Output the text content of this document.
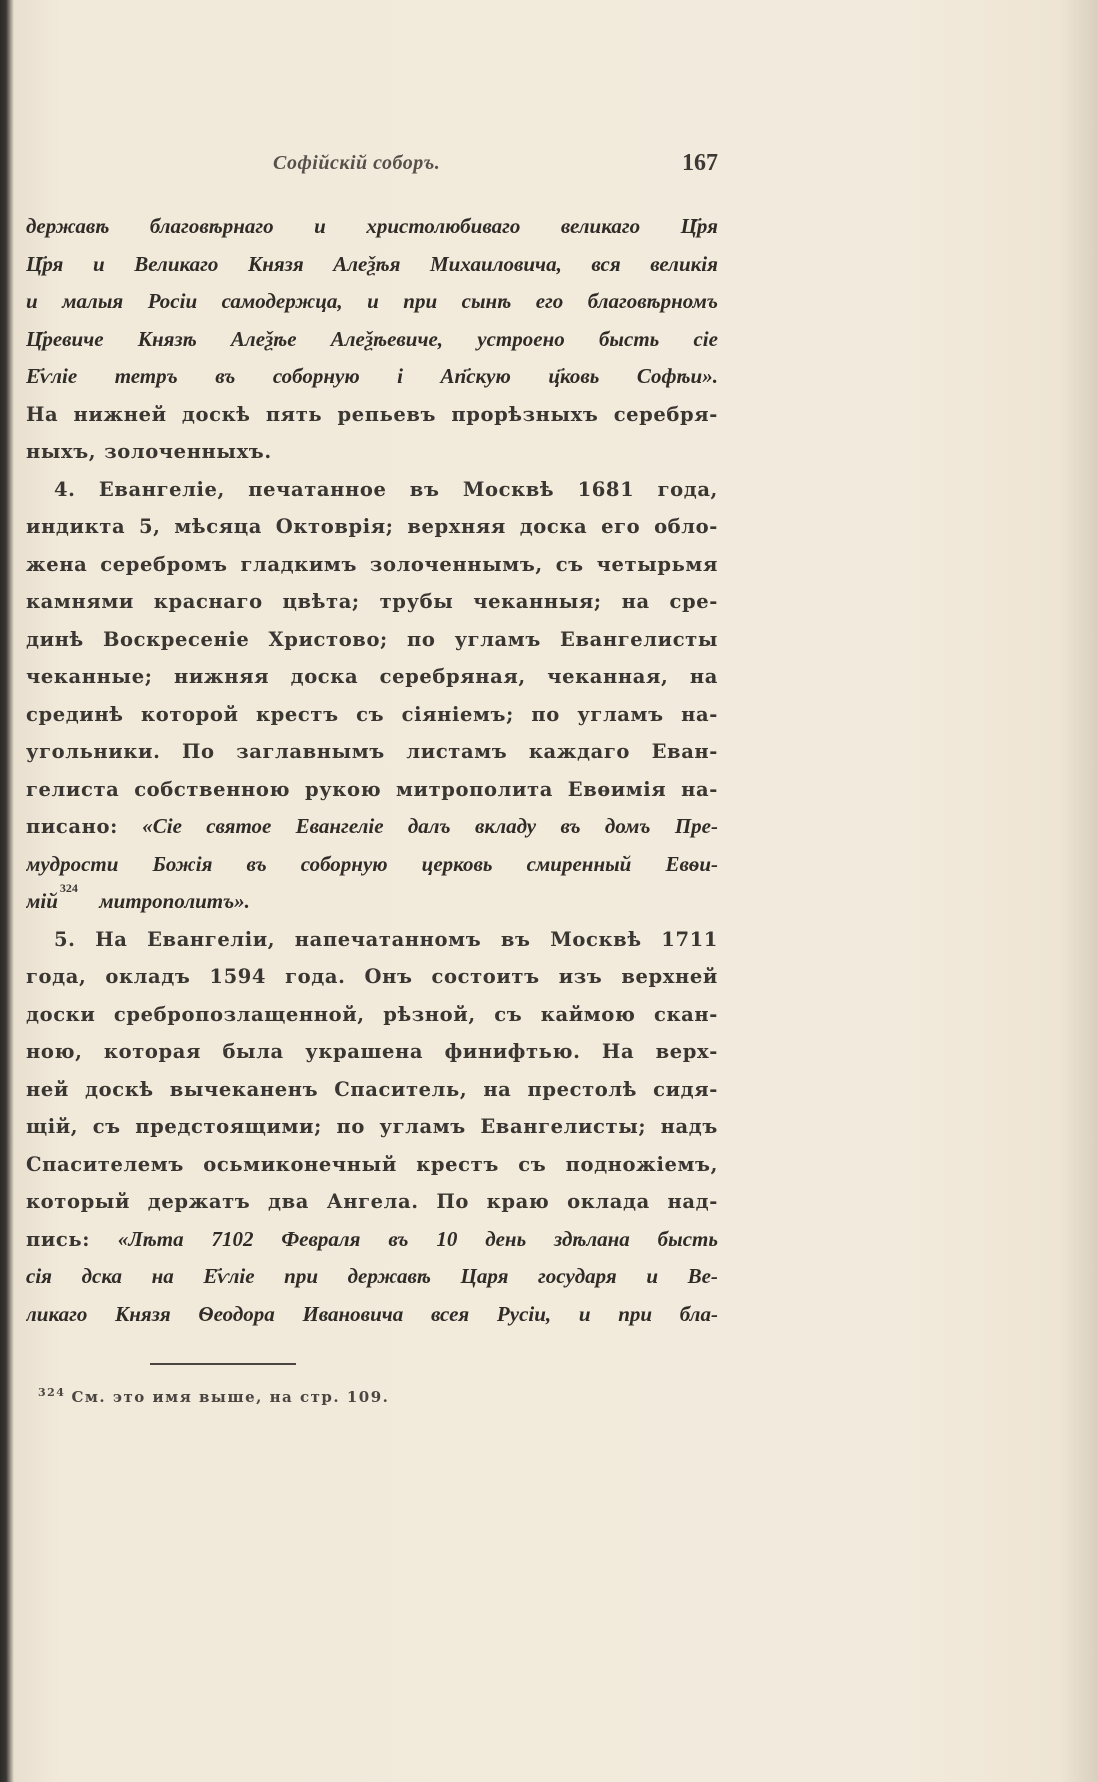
Софійскій соборъ.	167
державѣ благовѣрнаго и христолюбиваго великаго Ц҃ря
Ц҃ря и Великаго Князя Алеѯѣя Михаиловича, вся великія
и малыя Росіи самодержца, и при сынѣ его благовѣрномъ
Ц҃ревиче Князѣ Алеѯѣе Алеѯѣевиче, устроено бысть сіе
Е҃ѵліе тетръ въ соборную і Ап҃скую ц҃ковь Софѣи».
На нижней доскѣ пять репьевъ прорѣзныхъ серебря-
ныхъ, золоченныхъ.
4. Евангеліе, печатанное въ Москвѣ 1681 года,
индикта 5, мѣсяца Октоврія; верхняя доска его обло-
жена серебромъ гладкимъ золоченнымъ, съ четырьмя
камнями краснаго цвѣта; трубы чеканныя; на сре-
динѣ Воскресеніе Христово; по угламъ Евангелисты
чеканные; нижняя доска серебряная, чеканная, на
срединѣ которой крестъ съ сіяніемъ; по угламъ на-
угольники. По заглавнымъ листамъ каждаго Еван-
гелиста собственною рукою митрополита Евѳимія на-
писано: «Сіе святое Евангеліе далъ вкладу въ домъ Пре-
мудрости Божія въ соборную церковь смиренный Евѳи-
мій$^{324}$

митрополитъ».
5. На Евангеліи, напечатанномъ въ Москвѣ 1711
года, окладъ 1594 года. Онъ состоитъ изъ верхней
доски сребропозлащенной, рѣзной, съ каймою скан-
ною, которая была украшена финифтью. На верх-
ней доскѣ вычеканенъ Спаситель, на престолѣ сидя-
щій, съ предстоящими; по угламъ Евангелисты; надъ
Спасителемъ осьмиконечный крестъ съ подножіемъ,
который держатъ два Ангела. По краю оклада над-
пись: «Лѣта 7102 Февраля въ 10 день здѣлана бысть
сія дска на Е҃ѵліе при державѣ Царя государя и Ве-
ликаго Князя Ѳеодора Ивановича всея Русіи, и при бла-
$^{324}$ См. это имя выше, на стр. 109.
